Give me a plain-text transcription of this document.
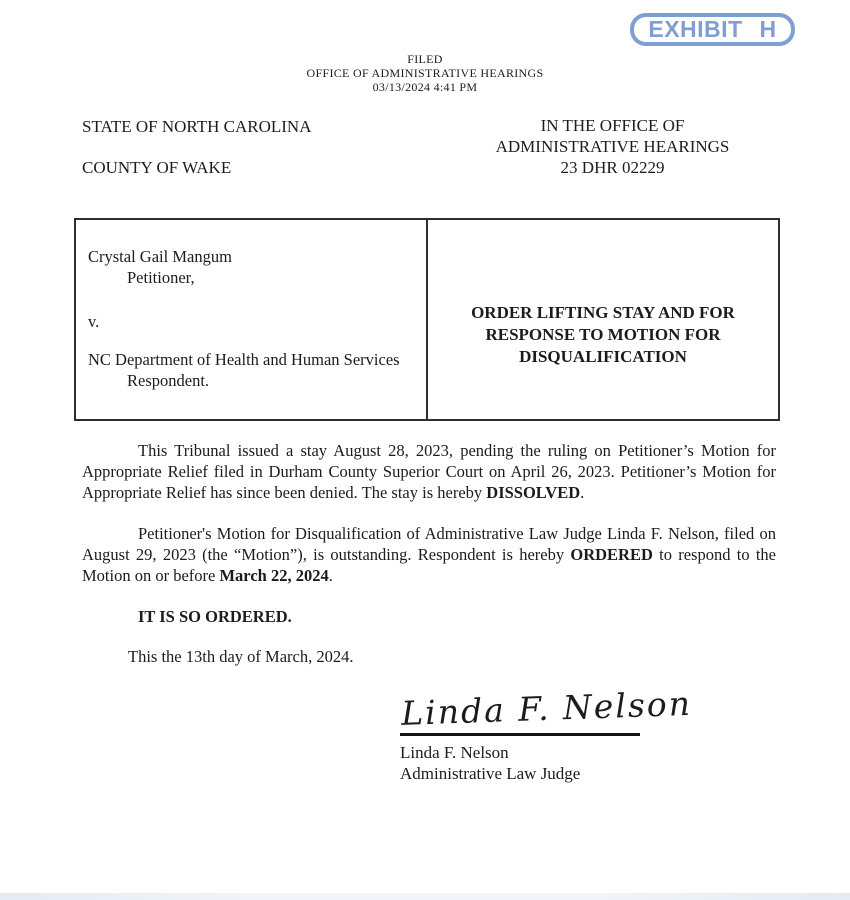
EXHIBIT H
FILED
OFFICE OF ADMINISTRATIVE HEARINGS
03/13/2024 4:41 PM
STATE OF NORTH CAROLINA
COUNTY OF WAKE
IN THE OFFICE OF
ADMINISTRATIVE HEARINGS
23 DHR 02229
Crystal Gail Mangum
Petitioner,
v.
NC Department of Health and Human Services
Respondent.
ORDER LIFTING STAY AND FOR
RESPONSE TO MOTION FOR
DISQUALIFICATION

This Tribunal issued a stay August 28, 2023, pending the ruling on Petitioner’s Motion for Appropriate Relief filed in Durham County Superior Court on April 26, 2023. Petitioner’s Motion for Appropriate Relief has since been denied. The stay is hereby DISSOLVED.

Petitioner's Motion for Disqualification of Administrative Law Judge Linda F. Nelson, filed on August 29, 2023 (the “Motion”), is outstanding. Respondent is hereby ORDERED to respond to the Motion on or before March 22, 2024.

IT IS SO ORDERED.
This the 13th day of March, 2024.
Linda F. Nelson
Linda F. Nelson
Administrative Law Judge
